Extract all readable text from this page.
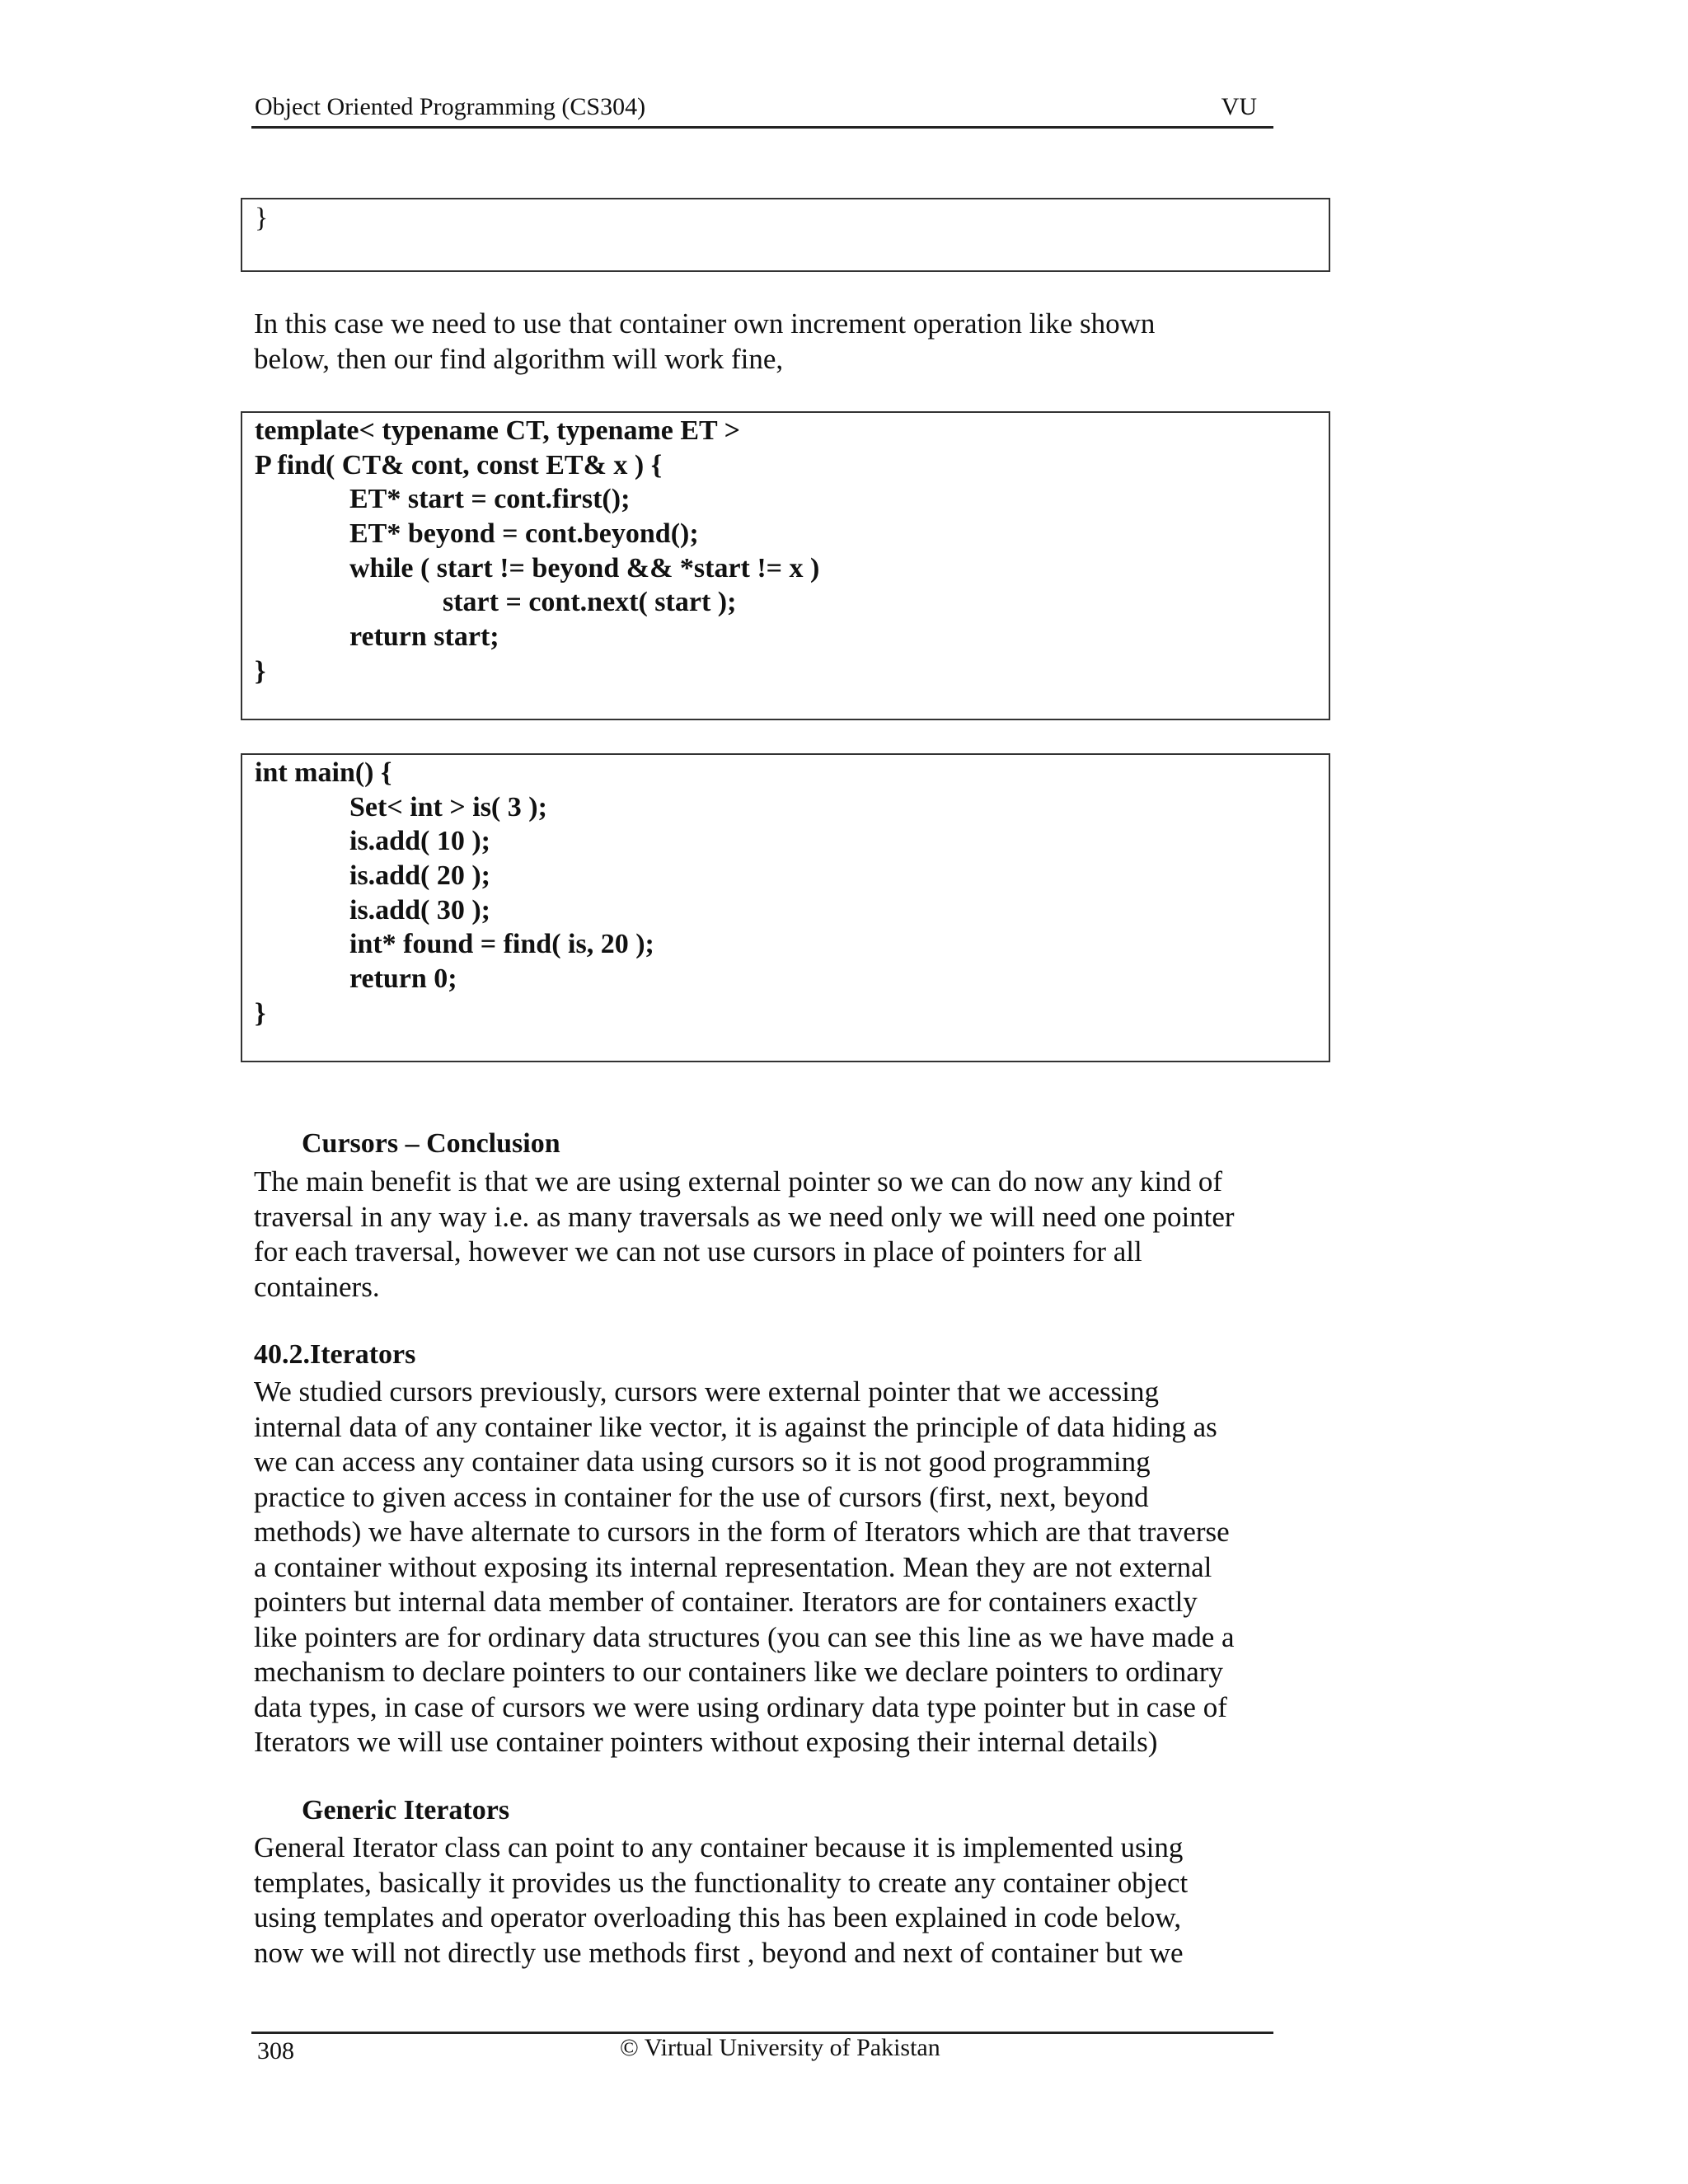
Object Oriented Programming (CS304)	VU
}
In this case we need to use that container own increment operation like shown
below, then our find algorithm will work fine,
template< typename CT, typename ET >
P find( CT& cont, const ET& x ) {
ET* start = cont.first();
ET* beyond = cont.beyond();
while ( start != beyond && *start != x )
start = cont.next( start );
return start;
}
int main() {
Set< int > is( 3 );
is.add( 10 );
is.add( 20 );
is.add( 30 );
int* found = find( is, 20 );
return 0;
}
Cursors – Conclusion
The main benefit is that we are using external pointer so we can do now any kind of
traversal in any way i.e. as many traversals as we need only we will need one pointer
for each traversal, however we can not use cursors in place of pointers for all
containers.
40.2.Iterators
We studied cursors previously, cursors were external pointer that we accessing
internal data of any container like vector, it is against the principle of data hiding as
we can access any container data using cursors so it is not good programming
practice to given access in container for the use of cursors (first, next, beyond
methods) we have alternate to cursors in the form of Iterators which are that traverse
a container without exposing its internal representation. Mean they are not external
pointers but internal data member of container. Iterators are for containers exactly
like pointers are for ordinary data structures (you can see this line as we have made a
mechanism to declare pointers to our containers like we declare pointers to ordinary
data types, in case of cursors we were using ordinary data type pointer but in case of
Iterators we will use container pointers without exposing their internal details)
Generic Iterators
General Iterator class can point to any container because it is implemented using
templates, basically it provides us the functionality to create any container object
using templates and operator overloading this has been explained in code below,
now we will not directly use methods first , beyond and next of container but we
308	© Virtual University of Pakistan
